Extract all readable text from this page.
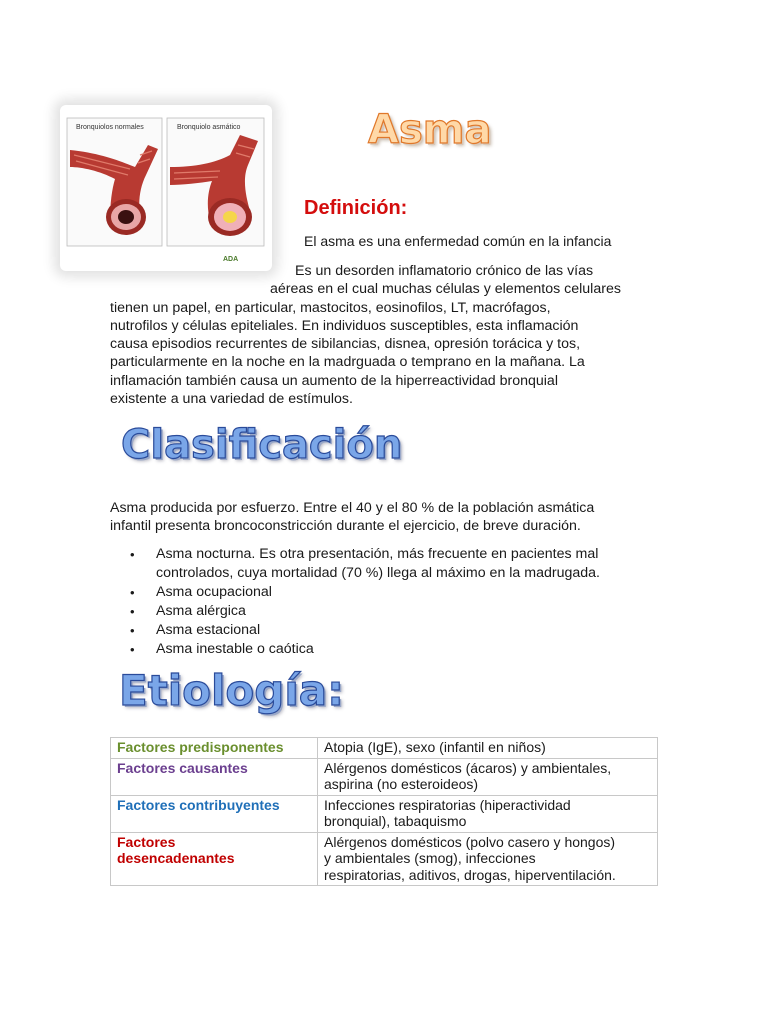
Bronquiolos normales	Bronquiolo asmático
ADA
Asma
Definición:
El asma es una enfermedad común en la infancia

Es un desorden inflamatorio crónico de las vías
aéreas en el cual muchas células y elementos celulares
tienen un papel, en particular, mastocitos, eosinofilos, LT, macrófagos,
nutrofilos y células epiteliales. En individuos susceptibles, esta inflamación
causa episodios recurrentes de sibilancias, disnea, opresión torácica y tos,
particularmente en la noche en la madrguada o temprano en la mañana. La
inflamación también causa un aumento de la hiperreactividad bronquial
existente a una variedad de estímulos.

Clasificación

Asma producida por esfuerzo. Entre el 40 y el 80 % de la población asmática
infantil presenta broncoconstricción durante el ejercicio, de breve duración.

• Asma nocturna. Es otra presentación, más frecuente en pacientes mal
controlados, cuya mortalidad (70 %) llega al máximo en la madrugada.
• Asma ocupacional
• Asma alérgica
• Asma estacional
• Asma inestable o caótica
Etiología:
Factores predisponentes	Atopia (IgE), sexo (infantil en niños)

Factores causantes	Alérgenos domésticos (ácaros) y ambientales,
aspirina (no esteroideos)

Factores contribuyentes	Infecciones respiratorias (hiperactividad
bronquial), tabaquismo

Factores
desencadenantes	Alérgenos domésticos (polvo casero y hongos)
y ambientales (smog), infecciones
respiratorias, aditivos, drogas, hiperventilación.
